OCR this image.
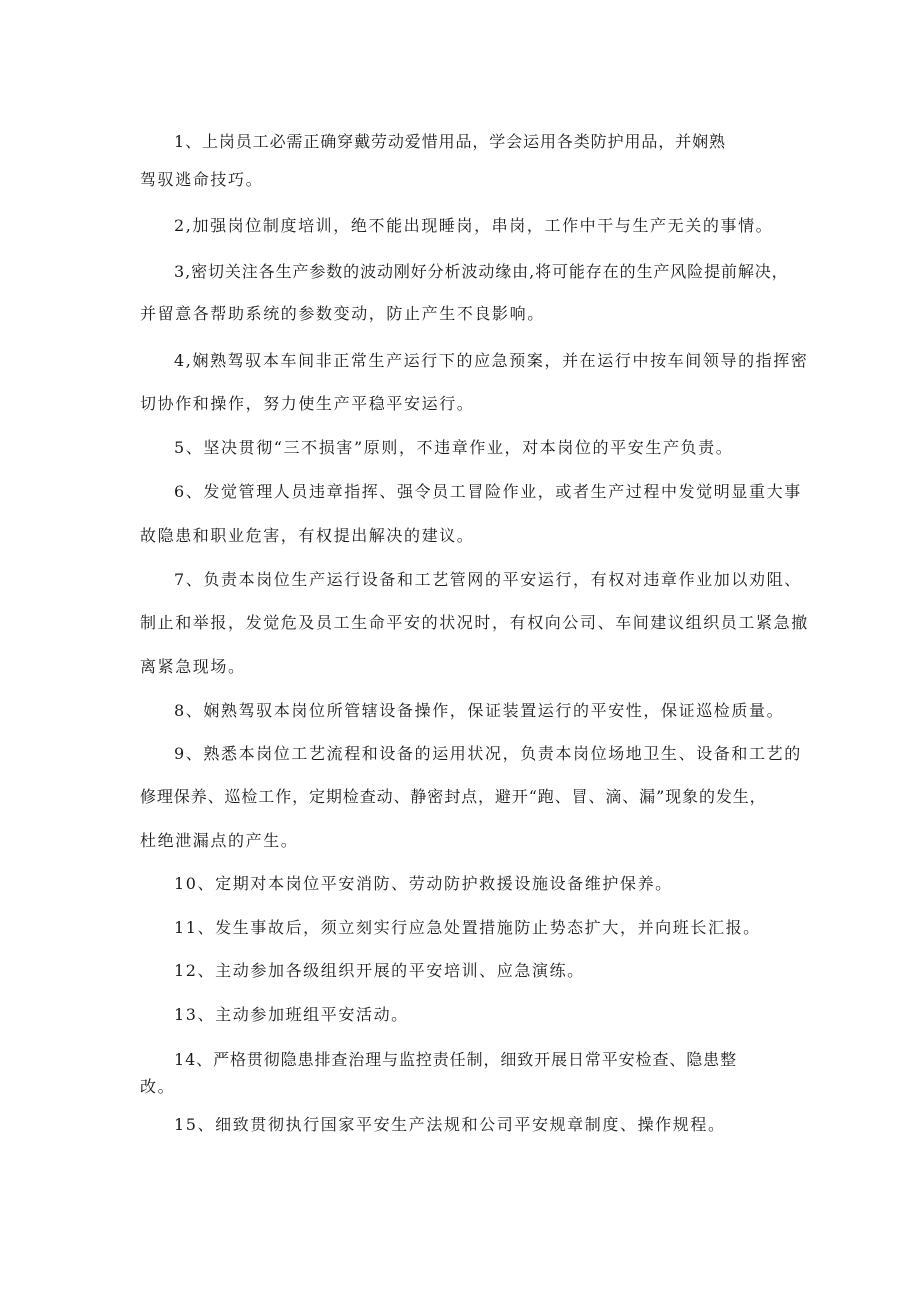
1、上岗员工必需正确穿戴劳动爱惜用品，学会运用各类防护用品，并娴熟
驾驭逃命技巧。
2,加强岗位制度培训，绝不能出现睡岗，串岗，工作中干与生产无关的事情。
3,密切关注各生产参数的波动刚好分析波动缘由,将可能存在的生产风险提前解决，
并留意各帮助系统的参数变动，防止产生不良影响。
4,娴熟驾驭本车间非正常生产运行下的应急预案，并在运行中按车间领导的指挥密
切协作和操作，努力使生产平稳平安运行。
5、坚决贯彻“三不损害”原则，不违章作业，对本岗位的平安生产负责。
6、发觉管理人员违章指挥、强令员工冒险作业，或者生产过程中发觉明显重大事
故隐患和职业危害，有权提出解决的建议。
7、负责本岗位生产运行设备和工艺管网的平安运行，有权对违章作业加以劝阻、
制止和举报，发觉危及员工生命平安的状况时，有权向公司、车间建议组织员工紧急撤
离紧急现场。
8、娴熟驾驭本岗位所管辖设备操作，保证装置运行的平安性，保证巡检质量。
9、熟悉本岗位工艺流程和设备的运用状况，负责本岗位场地卫生、设备和工艺的
修理保养、巡检工作，定期检查动、静密封点，避开“跑、冒、滴、漏”现象的发生，
杜绝泄漏点的产生。
10、定期对本岗位平安消防、劳动防护救援设施设备维护保养。
11、发生事故后，须立刻实行应急处置措施防止势态扩大，并向班长汇报。
12、主动参加各级组织开展的平安培训、应急演练。
13、主动参加班组平安活动。
14、严格贯彻隐患排查治理与监控责任制，细致开展日常平安检查、隐患整
改。
15、细致贯彻执行国家平安生产法规和公司平安规章制度、操作规程。
